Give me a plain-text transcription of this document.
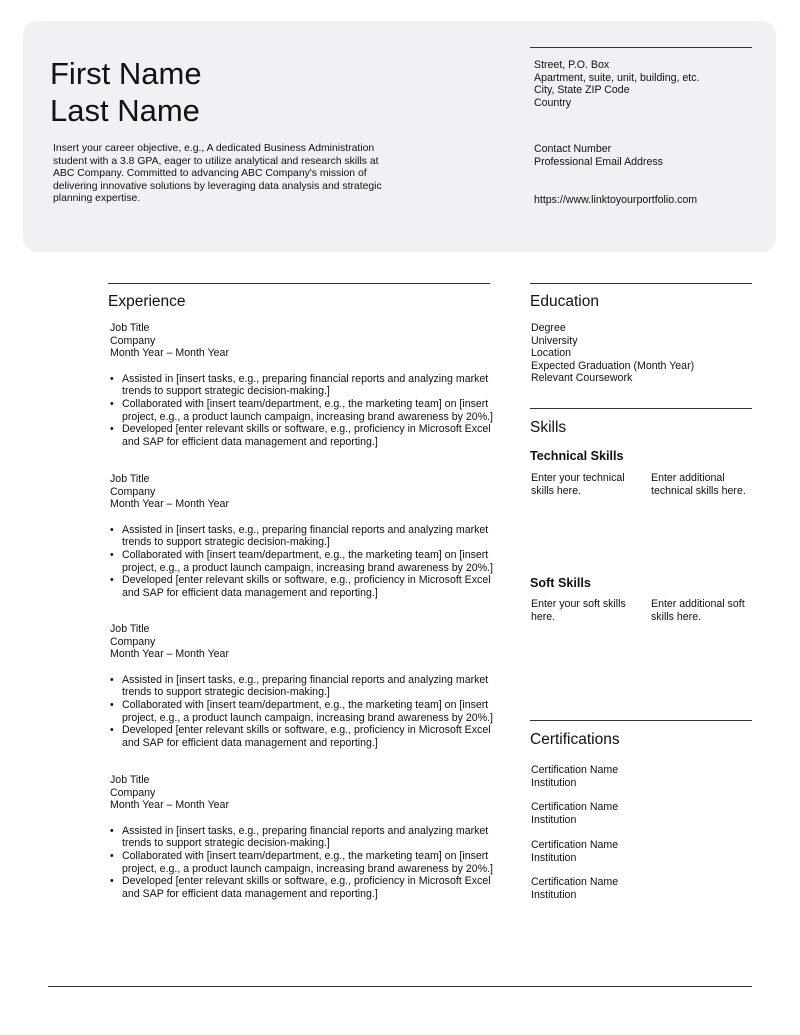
First Name
Last Name

Insert your career objective, e.g., A dedicated Business Administration student with a 3.8 GPA, eager to utilize analytical and research skills at ABC Company. Committed to advancing ABC Company's mission of delivering innovative solutions by leveraging data analysis and strategic planning expertise.

Street, P.O. Box
Apartment, suite, unit, building, etc.
City, State ZIP Code
Country
Contact Number
Professional Email Address
https://www.linktoyourportfolio.com
Experience
Job Title
Company
Month Year – Month Year
• Assisted in [insert tasks, e.g., preparing financial reports and analyzing market trends to support strategic decision-making.]
• Collaborated with [insert team/department, e.g., the marketing team] on [insert project, e.g., a product launch campaign, increasing brand awareness by 20%.]
• Developed [enter relevant skills or software, e.g., proficiency in Microsoft Excel and SAP for efficient data management and reporting.]
Job Title
Company
Month Year – Month Year
• Assisted in [insert tasks, e.g., preparing financial reports and analyzing market trends to support strategic decision-making.]
• Collaborated with [insert team/department, e.g., the marketing team] on [insert project, e.g., a product launch campaign, increasing brand awareness by 20%.]
• Developed [enter relevant skills or software, e.g., proficiency in Microsoft Excel and SAP for efficient data management and reporting.]
Job Title
Company
Month Year – Month Year
• Assisted in [insert tasks, e.g., preparing financial reports and analyzing market trends to support strategic decision-making.]
• Collaborated with [insert team/department, e.g., the marketing team] on [insert project, e.g., a product launch campaign, increasing brand awareness by 20%.]
• Developed [enter relevant skills or software, e.g., proficiency in Microsoft Excel and SAP for efficient data management and reporting.]
Job Title
Company
Month Year – Month Year
• Assisted in [insert tasks, e.g., preparing financial reports and analyzing market trends to support strategic decision-making.]
• Collaborated with [insert team/department, e.g., the marketing team] on [insert project, e.g., a product launch campaign, increasing brand awareness by 20%.]
• Developed [enter relevant skills or software, e.g., proficiency in Microsoft Excel and SAP for efficient data management and reporting.]
Education
Degree
University
Location
Expected Graduation (Month Year)
Relevant Coursework
Skills
Technical Skills
Enter your technical skills here.
Enter additional technical skills here.
Soft Skills
Enter your soft skills here.
Enter additional soft skills here.
Certifications
Certification Name
Institution
Certification Name
Institution
Certification Name
Institution
Certification Name
Institution
